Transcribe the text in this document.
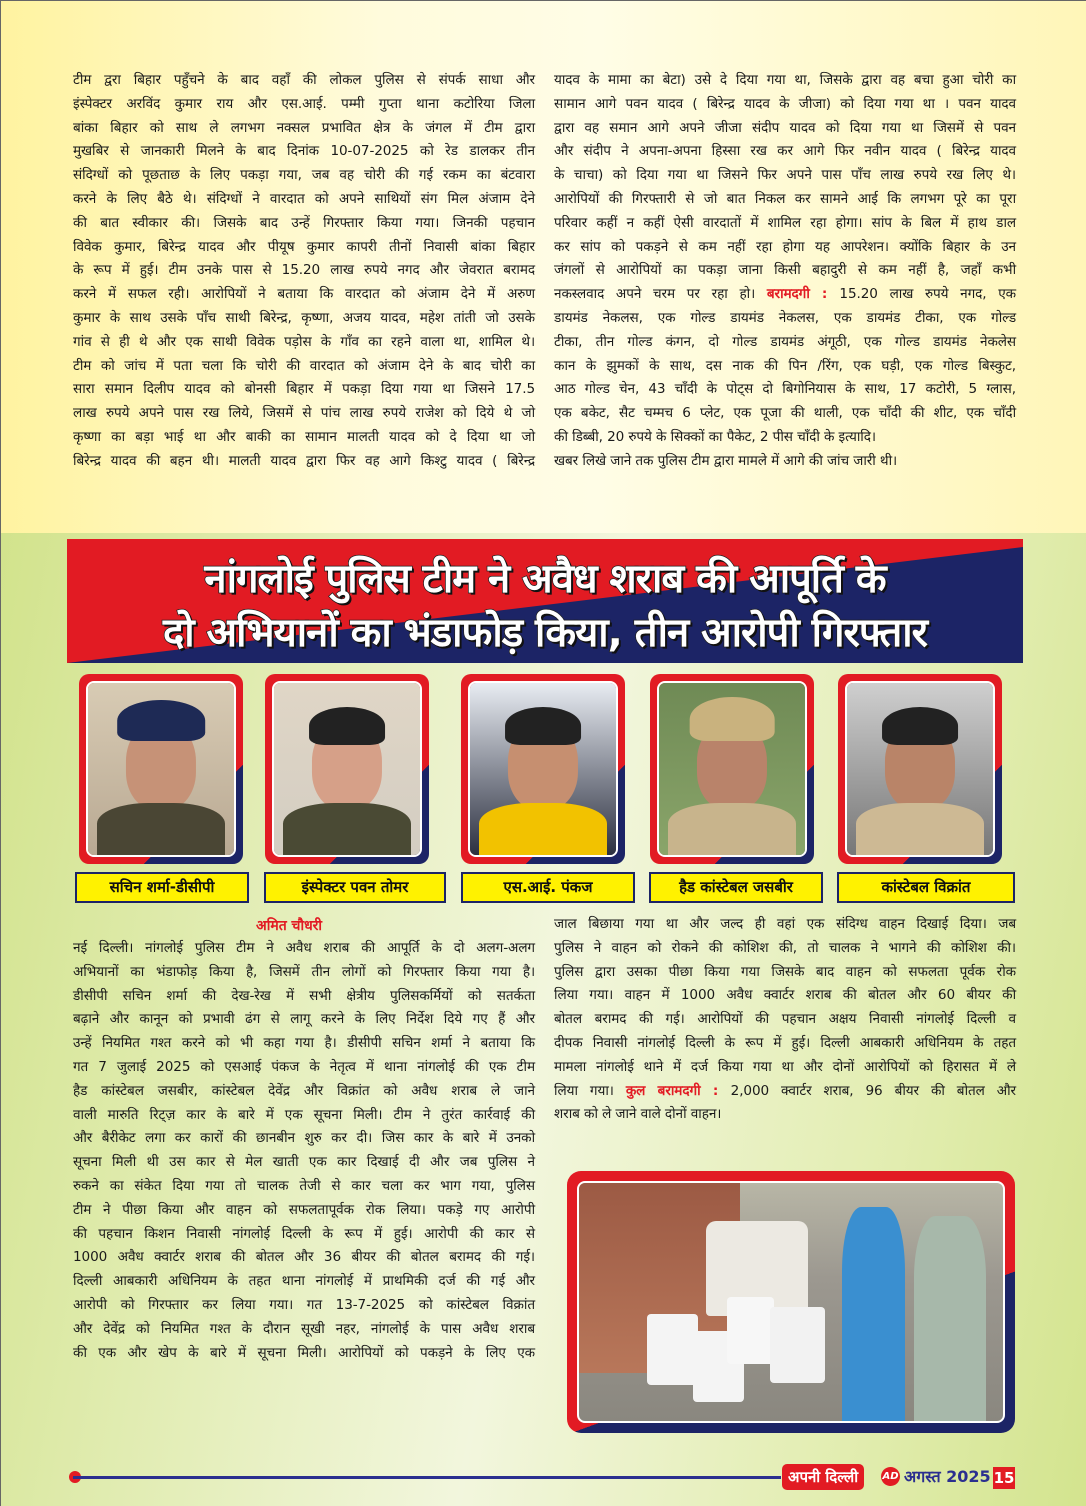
टीम द्वरा बिहार पहुँचने के बाद वहाँ की लोकल पुलिस से संपर्क साधा और
इंस्पेक्टर अरविंद कुमार राय और एस.आई. पम्मी गुप्ता थाना कटोरिया जिला
बांका बिहार को साथ ले लगभग नक्सल प्रभावित क्षेत्र के जंगल में टीम द्वारा
मुखबिर से जानकारी मिलने के बाद दिनांक 10-07-2025 को रेड डालकर तीन
संदिग्धों को पूछताछ के लिए पकड़ा गया, जब वह चोरी की गई रकम का बंटवारा
करने के लिए बैठे थे। संदिग्धों ने वारदात को अपने साथियों संग मिल अंजाम देने
की बात स्वीकार की। जिसके बाद उन्हें गिरफ्तार किया गया। जिनकी पहचान
विवेक कुमार, बिरेन्द्र यादव और पीयूष कुमार कापरी तीनों निवासी बांका बिहार
के रूप में हुई। टीम उनके पास से 15.20 लाख रुपये नगद और जेवरात बरामद
करने में सफल रही। आरोपियों ने बताया कि वारदात को अंजाम देने में अरुण
कुमार के साथ उसके पाँच साथी बिरेन्द्र, कृष्णा, अजय यादव, महेश तांती जो उसके
गांव से ही थे और एक साथी विवेक पड़ोस के गाँव का रहने वाला था, शामिल थे।
टीम को जांच में पता चला कि चोरी की वारदात को अंजाम देने के बाद चोरी का
सारा समान दिलीप यादव को बोनसी बिहार में पकड़ा दिया गया था जिसने 17.5
लाख रुपये अपने पास रख लिये, जिसमें से पांच लाख रुपये राजेश को दिये थे जो
कृष्णा का बड़ा भाई था और बाकी का सामान मालती यादव को दे दिया था जो
बिरेन्द्र यादव की बहन थी। मालती यादव द्वारा फिर वह आगे किश्टु यादव ( बिरेन्द्र
यादव के मामा का बेटा) उसे दे दिया गया था, जिसके द्वारा वह बचा हुआ चोरी का
सामान आगे पवन यादव ( बिरेन्द्र यादव के जीजा) को दिया गया था । पवन यादव
द्वारा वह समान आगे अपने जीजा संदीप यादव को दिया गया था जिसमें से पवन
और संदीप ने अपना-अपना हिस्सा रख कर आगे फिर नवीन यादव ( बिरेन्द्र यादव
के चाचा) को दिया गया था जिसने फिर अपने पास पाँच लाख रुपये रख लिए थे।
आरोपियों की गिरफ्तारी से जो बात निकल कर सामने आई कि लगभग पूरे का पूरा
परिवार कहीं न कहीं ऐसी वारदातों में शामिल रहा होगा। सांप के बिल में हाथ डाल
कर सांप को पकड़ने से कम नहीं रहा होगा यह आपरेशन। क्योंकि बिहार के उन
जंगलों से आरोपियों का पकड़ा जाना किसी बहादुरी से कम नहीं है, जहाँ कभी
नकस्लवाद अपने चरम पर रहा हो। बरामदगी : 15.20 लाख रुपये नगद, एक
डायमंड नेकलस, एक गोल्ड डायमंड नेकलस, एक डायमंड टीका, एक गोल्ड
टीका, तीन गोल्ड कंगन, दो गोल्ड डायमंड अंगूठी, एक गोल्ड डायमंड नेकलेस
कान के झुमकों के साथ, दस नाक की पिन /रिंग, एक घड़ी, एक गोल्ड बिस्कुट,
आठ गोल्ड चेन, 43 चाँदी के पोट्स दो बिगोनियास के साथ, 17 कटोरी, 5 ग्लास,
एक बकेट, सैट चम्मच 6 प्लेट, एक पूजा की थाली, एक चाँदी की शीट, एक चाँदी
की डिब्बी, 20 रुपये के सिक्कों का पैकेट, 2 पीस चाँदी के इत्यादि।
खबर लिखे जाने तक पुलिस टीम द्वारा मामले में आगे की जांच जारी थी।
नांगलोई पुलिस टीम ने अवैध शराब की आपूर्ति के
दो अभियानों का भंडाफोड़ किया, तीन आरोपी गिरफ्तार
सचिन शर्मा-डीसीपी	इंस्पेक्टर पवन तोमर	एस.आई. पंकज	हैड कांस्टेबल जसबीर	कांस्टेबल विक्रांत
अमित चौधरी
नई दिल्ली। नांगलोई पुलिस टीम ने अवैध शराब की आपूर्ति के दो अलग-अलग
अभियानों का भंडाफोड़ किया है, जिसमें तीन लोगों को गिरफ्तार किया गया है।
डीसीपी सचिन शर्मा की देख-रेख में सभी क्षेत्रीय पुलिसकर्मियों को सतर्कता
बढ़ाने और कानून को प्रभावी ढंग से लागू करने के लिए निर्देश दिये गए हैं और
उन्हें नियमित गश्त करने को भी कहा गया है। डीसीपी सचिन शर्मा ने बताया कि
गत 7 जुलाई 2025 को एसआई पंकज के नेतृत्व में थाना नांगलोई की एक टीम
हैड कांस्टेबल जसबीर, कांस्टेबल देवेंद्र और विक्रांत को अवैध शराब ले जाने
वाली मारुति रिट्ज़ कार के बारे में एक सूचना मिली। टीम ने तुरंत कार्रवाई की
और बैरीकेट लगा कर कारों की छानबीन शुरु कर दी। जिस कार के बारे में उनको
सूचना मिली थी उस कार से मेल खाती एक कार दिखाई दी और जब पुलिस ने
रुकने का संकेत दिया गया तो चालक तेजी से कार चला कर भाग गया, पुलिस
टीम ने पीछा किया और वाहन को सफलतापूर्वक रोक लिया। पकड़े गए आरोपी
की पहचान किशन निवासी नांगलोई दिल्ली के रूप में हुई। आरोपी की कार से
1000 अवैध क्वार्टर शराब की बोतल और 36 बीयर की बोतल बरामद की गई।
दिल्ली आबकारी अधिनियम के तहत थाना नांगलोई में प्राथमिकी दर्ज की गई और
आरोपी को गिरफ्तार कर लिया गया। गत 13-7-2025 को कांस्टेबल विक्रांत
और देवेंद्र को नियमित गश्त के दौरान सूखी नहर, नांगलोई के पास अवैध शराब
की एक और खेप के बारे में सूचना मिली। आरोपियों को पकड़ने के लिए एक
जाल बिछाया गया था और जल्द ही वहां एक संदिग्ध वाहन दिखाई दिया। जब
पुलिस ने वाहन को रोकने की कोशिश की, तो चालक ने भागने की कोशिश की।
पुलिस द्वारा उसका पीछा किया गया जिसके बाद वाहन को सफलता पूर्वक रोक
लिया गया। वाहन में 1000 अवैध क्वार्टर शराब की बोतल और 60 बीयर की
बोतल बरामद की गई। आरोपियों की पहचान अक्षय निवासी नांगलोई दिल्ली व
दीपक निवासी नांगलोई दिल्ली के रूप में हुई। दिल्ली आबकारी अधिनियम के तहत
मामला नांगलोई थाने में दर्ज किया गया था और दोनों आरोपियों को हिरासत में ले
लिया गया। कुल बरामदगी : 2,000 क्वार्टर शराब, 96 बीयर की बोतल और
शराब को ले जाने वाले दोनों वाहन।
अपनी दिल्ली	AD अगस्त 2025 15
